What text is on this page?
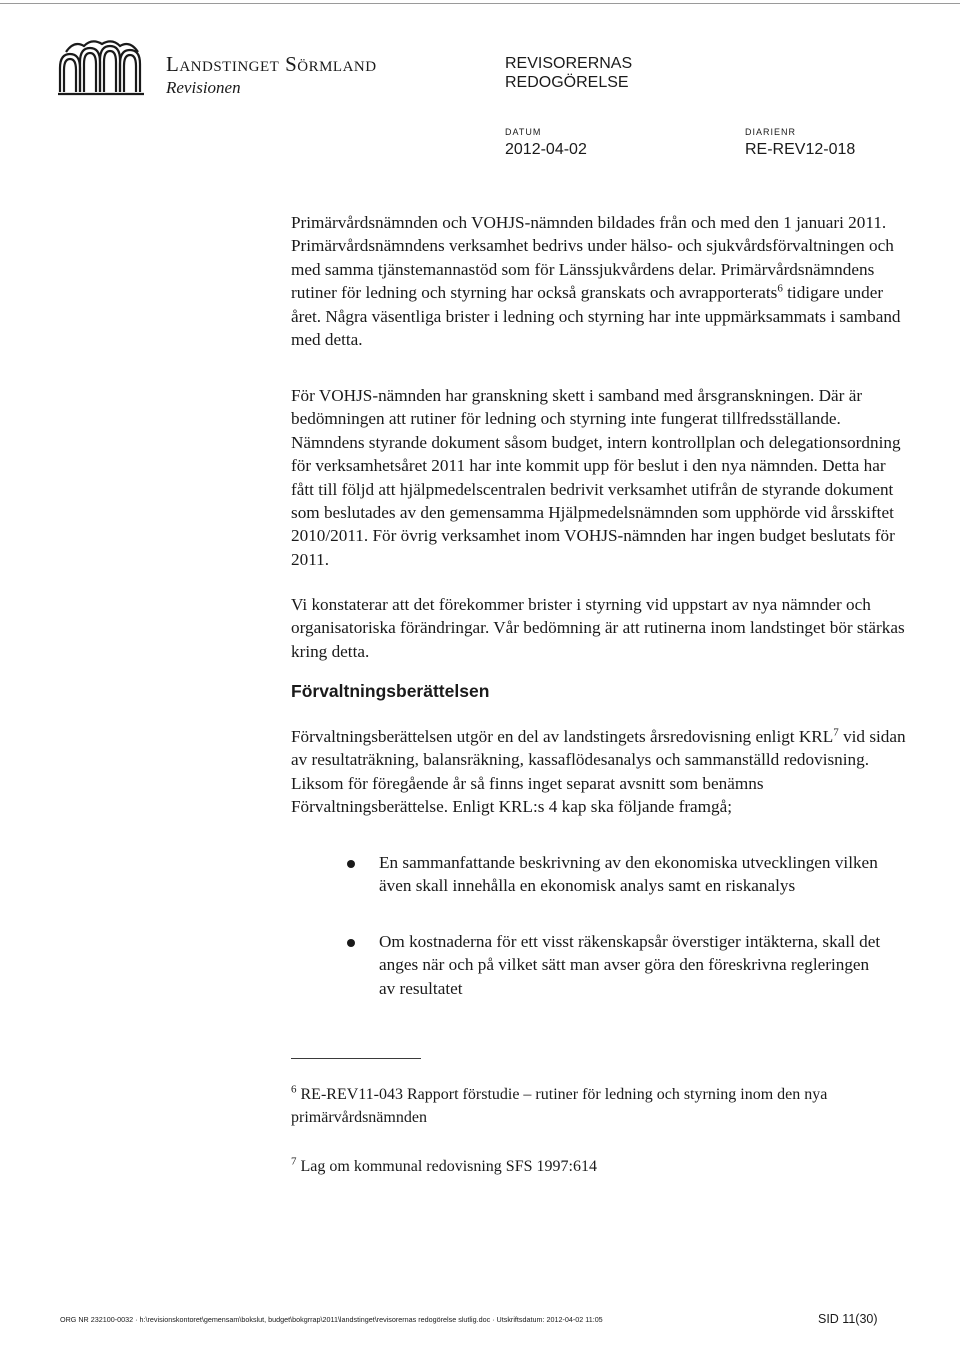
Landstinget Sörmland
Revisionen
REVISORERNAS
REDOGÖRELSE
DATUM
2012-04-02
DIARIENR
RE-REV12-018

Primärvårdsnämnden och VOHJS-nämnden bildades från och med den 1 januari 2011. Primärvårdsnämndens verksamhet bedrivs under hälso- och sjukvårdsförvaltningen och med samma tjänstemannastöd som för Länssjukvårdens delar. Primärvårdsnämndens rutiner för ledning och styrning har också granskats och avrapporterats$^6$ tidigare under året. Några väsentliga brister i ledning och styrning har inte uppmärksammats i samband med detta.

För VOHJS-nämnden har granskning skett i samband med årsgranskningen. Där är bedömningen att rutiner för ledning och styrning inte fungerat tillfredsställande. Nämndens styrande dokument såsom budget, intern kontrollplan och delegationsordning för verksamhetsåret 2011 har inte kommit upp för beslut i den nya nämnden. Detta har fått till följd att hjälpmedelscentralen bedrivit verksamhet utifrån de styrande dokument som beslutades av den gemensamma Hjälpmedelsnämnden som upphörde vid årsskiftet 2010/2011. För övrig verksamhet inom VOHJS-nämnden har ingen budget beslutats för 2011.

Vi konstaterar att det förekommer brister i styrning vid uppstart av nya nämnder och organisatoriska förändringar. Vår bedömning är att rutinerna inom landstinget bör stärkas kring detta.

Förvaltningsberättelsen

Förvaltningsberättelsen utgör en del av landstingets årsredovisning enligt KRL$^7$ vid sidan av resultaträkning, balansräkning, kassaflödesanalys och sammanställd redovisning. Liksom för föregående år så finns inget separat avsnitt som benämns Förvaltningsberättelse. Enligt KRL:s 4 kap ska följande framgå;

En sammanfattande beskrivning av den ekonomiska utvecklingen vilken även skall innehålla en ekonomisk analys samt en riskanalys
Om kostnaderna för ett visst räkenskapsår överstiger intäkterna, skall det anges när och på vilket sätt man avser göra den föreskrivna regleringen av resultatet

$^6$ RE-REV11-043 Rapport förstudie – rutiner för ledning och styrning inom den nya primärvårdsnämnden

$^7$ Lag om kommunal redovisning SFS 1997:614

ORG NR 232100-0032 · h:\revisionskontoret\gemensam\bokslut, budget\bokgrrap\2011\landstinget\revisorernas redogörelse slutlig.doc · Utskriftsdatum: 2012-04-02 11:05	SID 11(30)
